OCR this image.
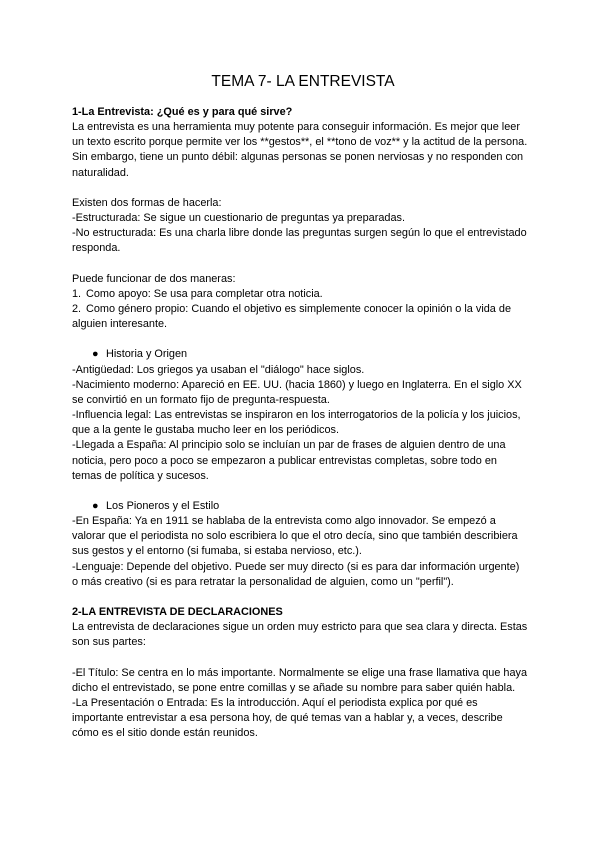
TEMA 7- LA ENTREVISTA

1-La Entrevista: ¿Qué es y para qué sirve?

La entrevista es una herramienta muy potente para conseguir información. Es mejor que leer un texto escrito porque permite ver los **gestos**, el **tono de voz** y la actitud de la persona. Sin embargo, tiene un punto débil: algunas personas se ponen nerviosas y no responden con naturalidad.

Existen dos formas de hacerla:

-Estructurada: Se sigue un cuestionario de preguntas ya preparadas.

-No estructurada: Es una charla libre donde las preguntas surgen según lo que el entrevistado responda.

Puede funcionar de dos maneras:

1. Como apoyo: Se usa para completar otra noticia.

2. Como género propio: Cuando el objetivo es simplemente conocer la opinión o la vida de alguien interesante.

● Historia y Origen

-Antigüedad: Los griegos ya usaban el "diálogo" hace siglos.

-Nacimiento moderno: Apareció en EE. UU. (hacia 1860) y luego en Inglaterra. En el siglo XX se convirtió en un formato fijo de pregunta-respuesta.

-Influencia legal: Las entrevistas se inspiraron en los interrogatorios de la policía y los juicios, que a la gente le gustaba mucho leer en los periódicos.

-Llegada a España: Al principio solo se incluían un par de frases de alguien dentro de una noticia, pero poco a poco se empezaron a publicar entrevistas completas, sobre todo en temas de política y sucesos.

● Los Pioneros y el Estilo

-En España: Ya en 1911 se hablaba de la entrevista como algo innovador. Se empezó a valorar que el periodista no solo escribiera lo que el otro decía, sino que también describiera sus gestos y el entorno (si fumaba, si estaba nervioso, etc.).

-Lenguaje: Depende del objetivo. Puede ser muy directo (si es para dar información urgente) o más creativo (si es para retratar la personalidad de alguien, como un "perfil").

2-LA ENTREVISTA DE DECLARACIONES

La entrevista de declaraciones sigue un orden muy estricto para que sea clara y directa. Estas son sus partes:

-El Título: Se centra en lo más importante. Normalmente se elige una frase llamativa que haya dicho el entrevistado, se pone entre comillas y se añade su nombre para saber quién habla.

-La Presentación o Entrada: Es la introducción. Aquí el periodista explica por qué es importante entrevistar a esa persona hoy, de qué temas van a hablar y, a veces, describe cómo es el sitio donde están reunidos.
